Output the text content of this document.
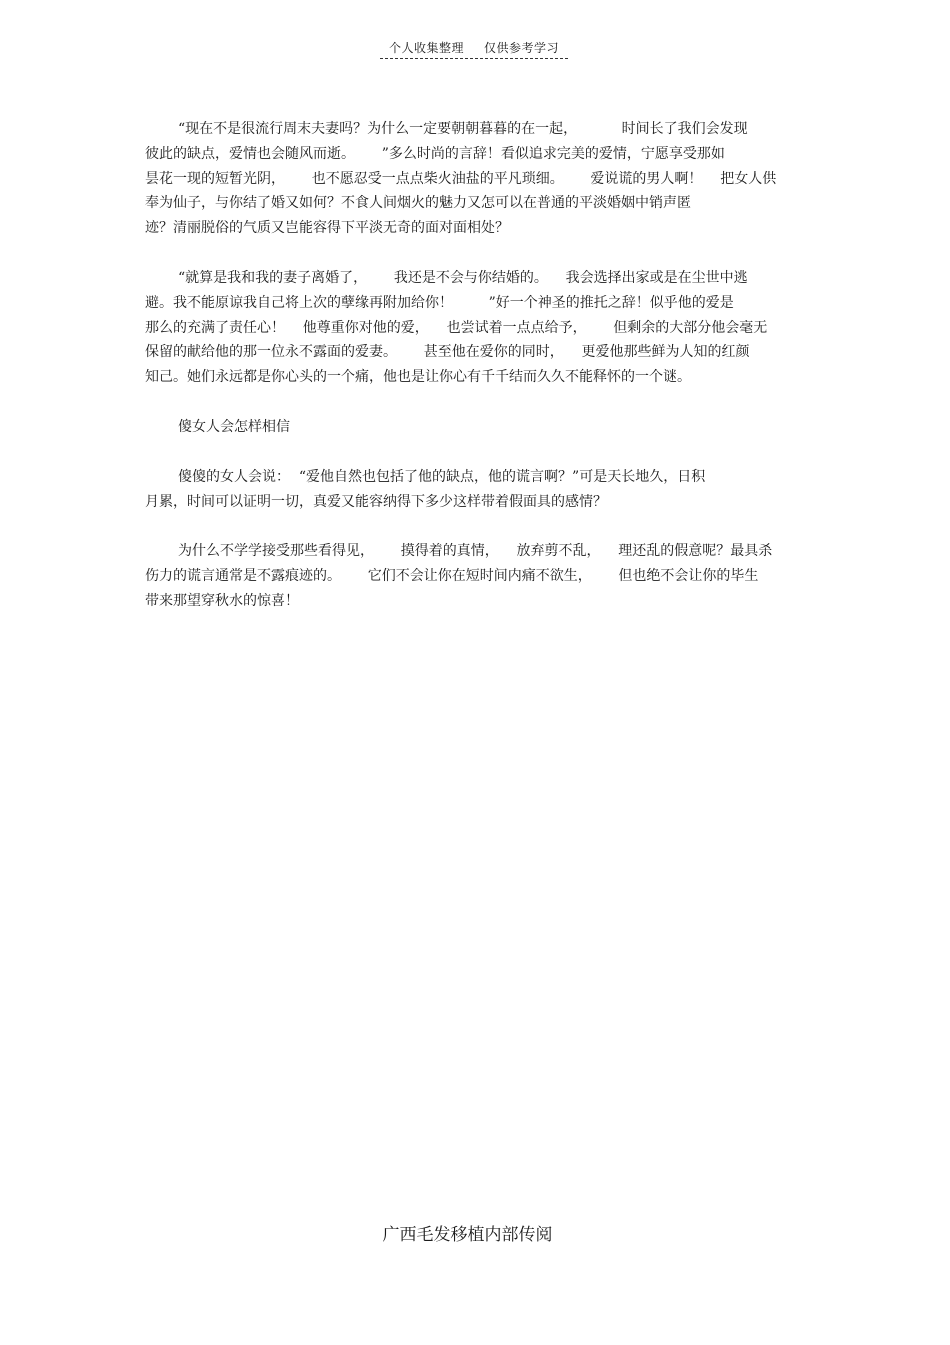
个人收集整理 仅供参考学习
“现在不是很流行周末夫妻吗？为什么一定要朝朝暮暮的在一起，          时间长了我们会发现
彼此的缺点，爱情也会随风而逝。      ”多么时尚的言辞！看似追求完美的爱情，宁愿享受那如
昙花一现的短暂光阴，      也不愿忍受一点点柴火油盐的平凡琐细。      爱说谎的男人啊！    把女人供
奉为仙子，与你结了婚又如何？不食人间烟火的魅力又怎可以在普通的平淡婚姻中销声匿
迹？清丽脱俗的气质又岂能容得下平淡无奇的面对面相处？
“就算是我和我的妻子离婚了，      我还是不会与你结婚的。    我会选择出家或是在尘世中逃
避。我不能原谅我自己将上次的孽缘再附加给你！        ”好一个神圣的推托之辞！似乎他的爱是
那么的充满了责任心！    他尊重你对他的爱，    也尝试着一点点给予，      但剩余的大部分他会毫无
保留的献给他的那一位永不露面的爱妻。      甚至他在爱你的同时，    更爱他那些鲜为人知的红颜
知己。她们永远都是你心头的一个痛，他也是让你心有千千结而久久不能释怀的一个谜。
傻女人会怎样相信
傻傻的女人会说：  “爱他自然也包括了他的缺点，他的谎言啊？”可是天长地久，日积
月累，时间可以证明一切，真爱又能容纳得下多少这样带着假面具的感情？
为什么不学学接受那些看得见，      摸得着的真情，    放弃剪不乱，    理还乱的假意呢？最具杀
伤力的谎言通常是不露痕迹的。      它们不会让你在短时间内痛不欲生，      但也绝不会让你的毕生
带来那望穿秋水的惊喜！
广西毛发移植内部传阅
